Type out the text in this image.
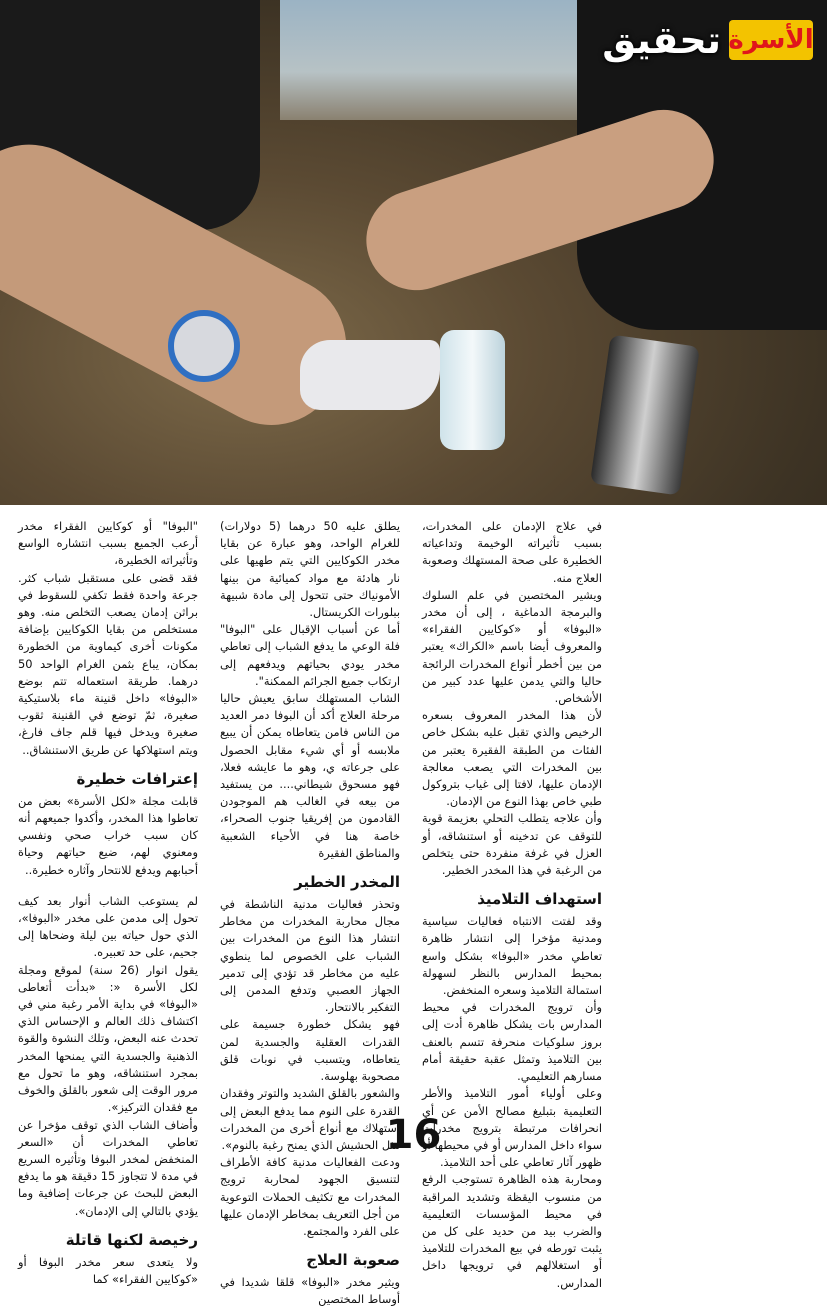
تحقيق الأسرة

"البوفا" أو كوكايين الفقراء مخدر أرعب الجميع بسبب انتشاره الواسع وتأثيراته الخطيرة،

فقد قضى على مستقبل شباب كثر. جرعة واحدة فقط تكفي للسقوط في براثن إدمان يصعب التخلص منه. وهو مستخلص من بقايا الكوكايين بإضافة مكونات أخرى كيماوية من الخطورة بمكان، يباع بثمن الغرام الواحد 50 درهما. طريقة استعماله تتم بوضع «البوفا» داخل قنينة ماء بلاستيكية صغيرة، ثمّ توضع في القنينة ثقوب صغيرة ويدخل فيها قلم جاف فارغ، ويتم استهلاكها عن طريق الاستنشاق..

إعترافات خطيرة

قابلت مجلة «لكل الأسرة» بعض من تعاطوا هذا المخدر، وأكدوا جميعهم أنه كان سبب خراب صحي ونفسي ومعنوي لهم، ضيع حياتهم وحياة أحبابهم ويدفع للانتحار وآثاره خطيرة..

لم يستوعب الشاب أنوار بعد كيف تحول إلى مدمن على مخدر «البوفا»، الذي حول حياته بين ليلة وضحاها إلى جحيم، على حد تعبيره.

يقول انوار (26 سنة) لموقع ومجلة لكل الأسرة «: «بدأت أتعاطى «البوفا» في بداية الأمر رغبة مني في اكتشاف ذلك العالم و الإحساس الذي تحدث عنه البعض، وتلك النشوة والقوة الذهنية والجسدية التي يمنحها المخدر بمجرد استنشاقه، وهو ما تحول مع مرور الوقت إلى شعور بالقلق والخوف مع فقدان التركيز».

وأضاف الشاب الذي توقف مؤخرا عن تعاطي المخدرات أن «السعر المنخفض لمخدر البوفا وتأثيره السريع في مدة لا تتجاوز 15 دقيقة هو ما يدفع البعض للبحث عن جرعات إضافية وما يؤدي بالتالي إلى الإدمان».

رخيصة لكنها قاتلة

ولا يتعدى سعر مخدر البوفا أو «كوكايين الفقراء» كما

يطلق عليه 50 درهما (5 دولارات) للغرام الواحد، وهو عبارة عن بقايا مخدر الكوكايين التي يتم طهيها على نار هادئة مع مواد كميائية من بينها الأمونياك حتى تتحول إلى مادة شبيهة ببلورات الكريستال.

أما عن أسباب الإقبال على "البوفا" فلة الوعي ما يدفع الشباب إلى تعاطي مخدر يودي بحياتهم ويدفعهم إلى ارتكاب جميع الجرائم الممكنة".

الشاب المستهلك سابق يعيش حاليا مرحلة العلاج أكد أن البوفا دمر العديد من الناس فامن يتعاطاه يمكن أن يبيع ملابسه أو أي شيء مقابل الحصول على جرعاته ي، وهو ما عايشه فعلا، فهو مسحوق شيطاني.... من يستفيد من بيعه في الغالب هم الموجودن القادمون من إفريقيا جنوب الصحراء، خاصة هنا في الأحياء الشعبية والمناطق الفقيرة

المخدر الخطير

وتحذر فعاليات مدنية الناشطة في مجال محاربة المخدرات من مخاطر انتشار هذا النوع من المخدرات بين الشباب على الخصوص لما ينطوي عليه من مخاطر قد تؤدي إلى تدمير الجهاز العصبي وتدفع المدمن إلى التفكير بالانتحار.

فهو يشكل خطورة جسيمة على القدرات العقلية والجسدية لمن يتعاطاه، ويتسبب في نوبات قلق مصحوبة بهلوسة.

والشعور بالقلق الشديد والتوتر وفقدان القدرة على النوم مما يدفع البعض إلى استهلاك مع أنواع أخرى من المخدرات مثل الحشيش الذي يمنح رغبة بالنوم».

ودعت الفعاليات مدنية كافة الأطراف لتنسيق الجهود لمحاربة ترويج المخدرات مع تكثيف الحملات التوعوية من أجل التعريف بمخاطر الإدمان عليها على الفرد والمجتمع.

صعوبة العلاج

ويثير مخدر «البوفا» قلقا شديدا في أوساط المختصين

في علاج الإدمان على المخدرات، بسبب تأثيراته الوخيمة وتداعياته الخطيرة على صحة المستهلك وصعوبة العلاج منه.

ويشير المختصين في علم السلوك والبرمجة الدماغية ، إلى أن مخدر «البوفا» أو «كوكايين الفقراء» والمعروف أيضا باسم «الكراك» يعتبر من بين أخطر أنواع المخدرات الرائجة حاليا والتي يدمن عليها عدد كبير من الأشخاص.

لأن هذا المخدر المعروف بسعره الرخيص والذي تقبل عليه بشكل خاص الفئات من الطبقة الفقيرة يعتبر من بين المخدرات التي يصعب معالجة الإدمان عليها، لافتا إلى غياب بتروكول طبي خاص بهذا النوع من الإدمان.

وأن علاجه يتطلب التحلي بعزيمة قوية للتوقف عن تدخينه أو استنشاقه، أو العزل في غرفة منفردة حتى يتخلص من الرغبة في هذا المخدر الخطير.

استهداف التلاميذ

وقد لفتت الانتباه فعاليات سياسية ومدنية مؤخرا إلى انتشار ظاهرة تعاطي مخدر «البوفا» بشكل واسع بمحيط المدارس بالنظر لسهولة استمالة التلاميذ وسعره المنخفض.

وأن ترويج المخدرات في محيط المدارس بات يشكل ظاهرة أدت إلى بروز سلوكيات منحرفة تتسم بالعنف بين التلاميذ وتمثل عقبة حقيقة أمام مسارهم التعليمي.

وعلى أولياء أمور التلاميذ والأطر التعليمية بتبليغ مصالح الأمن عن أي انحرافات مرتبطة بترويج مخدرات سواء داخل المدارس أو في محيطها أو ظهور آثار تعاطي على أحد التلاميذ.

ومحاربة هذه الظاهرة تستوجب الرفع من منسوب اليقظة وتشديد المراقبة في محيط المؤسسات التعليمية والضرب بيد من حديد على كل من يثبت تورطه في بيع المخدرات للتلاميذ أو استغلالهم في ترويجها داخل المدارس.

16
